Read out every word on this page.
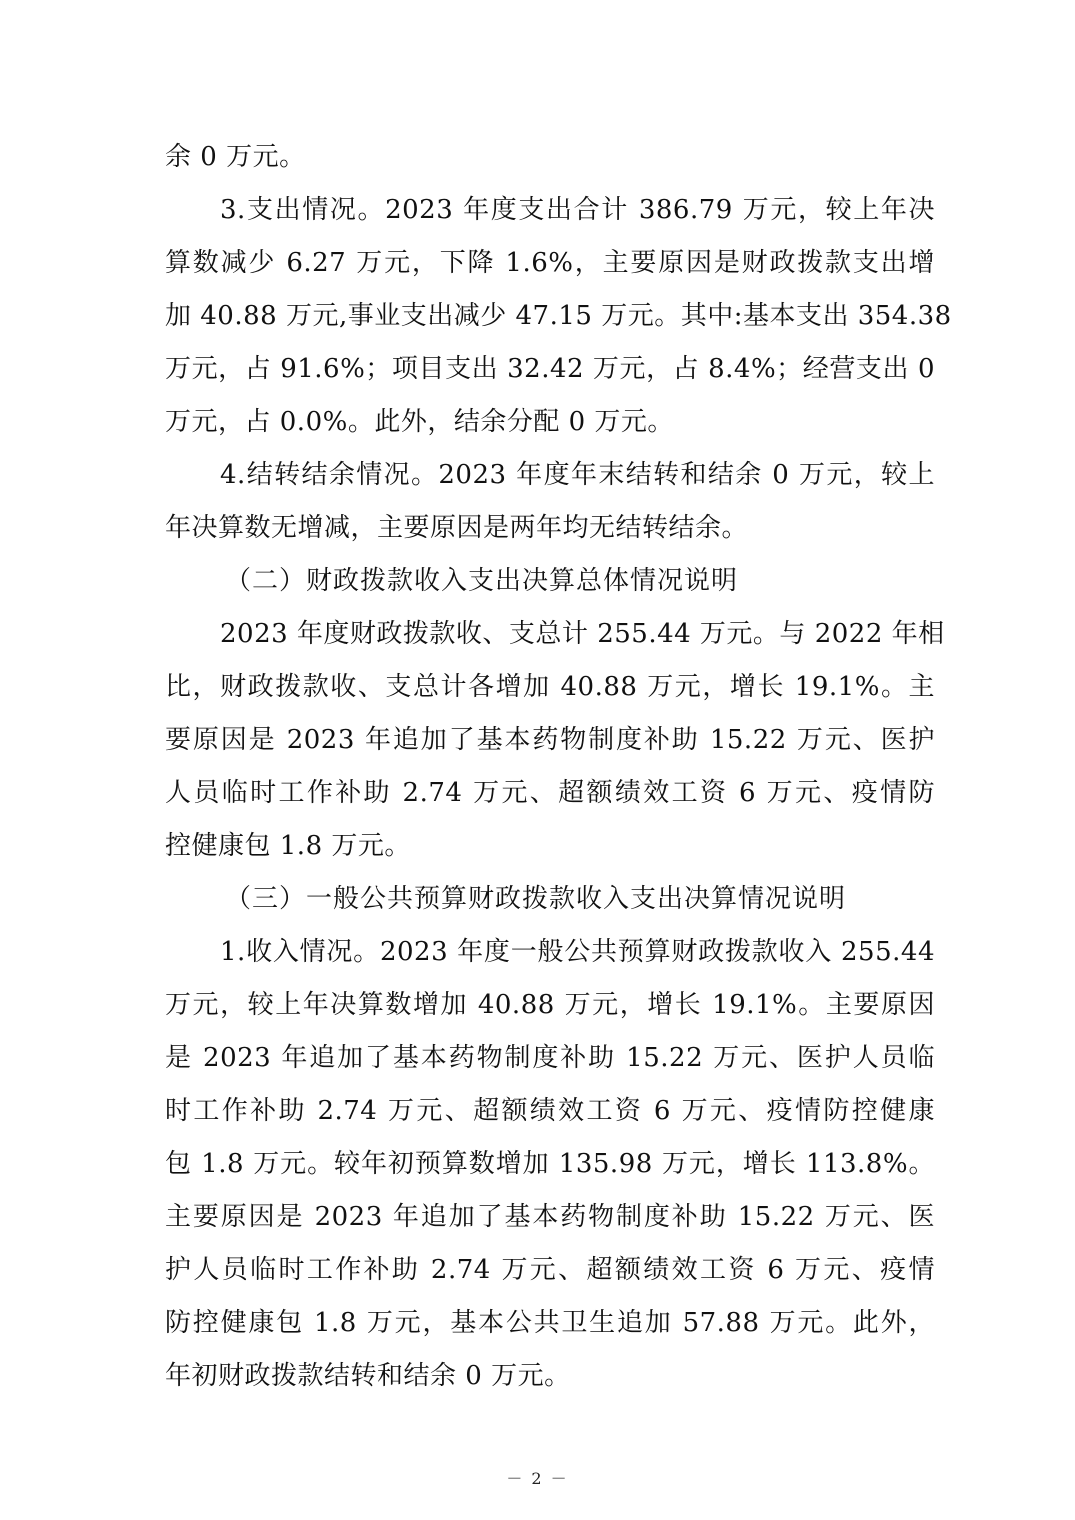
余 0 万元。
3.支出情况。2023 年度支出合计 386.79 万元，较上年决
算数减少 6.27 万元，下降 1.6%，主要原因是财政拨款支出增
加 40.88 万元,事业支出减少 47.15 万元。其中:基本支出 354.38
万元，占 91.6%；项目支出 32.42 万元，占 8.4%；经营支出 0
万元，占 0.0%。此外，结余分配 0 万元。
4.结转结余情况。2023 年度年末结转和结余 0 万元，较上
年决算数无增减，主要原因是两年均无结转结余。
（二）财政拨款收入支出决算总体情况说明
2023 年度财政拨款收、支总计 255.44 万元。与 2022 年相
比，财政拨款收、支总计各增加 40.88 万元，增长 19.1%。主
要原因是 2023 年追加了基本药物制度补助 15.22 万元、医护
人员临时工作补助 2.74 万元、超额绩效工资 6 万元、疫情防
控健康包 1.8 万元。
（三）一般公共预算财政拨款收入支出决算情况说明
1.收入情况。2023 年度一般公共预算财政拨款收入 255.44
万元，较上年决算数增加 40.88 万元，增长 19.1%。主要原因
是 2023 年追加了基本药物制度补助 15.22 万元、医护人员临
时工作补助 2.74 万元、超额绩效工资 6 万元、疫情防控健康
包 1.8 万元。较年初预算数增加 135.98 万元，增长 113.8%。
主要原因是 2023 年追加了基本药物制度补助 15.22 万元、医
护人员临时工作补助 2.74 万元、超额绩效工资 6 万元、疫情
防控健康包 1.8 万元，基本公共卫生追加 57.88 万元。此外，
年初财政拨款结转和结余 0 万元。
－ 2 －
